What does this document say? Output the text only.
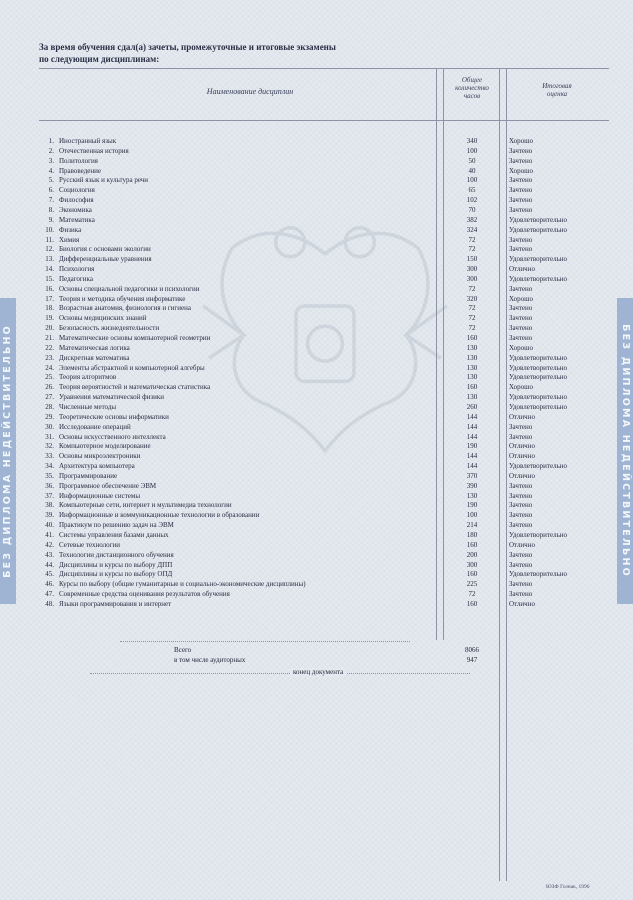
БЕЗ ДИПЛОМА НЕДЕЙСТВИТЕЛЬНО	БЕЗ ДИПЛОМА НЕДЕЙСТВИТЕЛЬНО
За время обучения сдал(а) зачеты, промежуточные и итоговые экзамены
по следующим дисциплинам:
Наименование дисциплин
Общее
количество
часов
Итоговая
оценка
1. Иностранный язык	340	Хорошо
2. Отечественная история	100	Зачтено
3. Политология	50	Зачтено
4. Правоведение	40	Хорошо
5. Русский язык и культура речи	100	Зачтено
6. Социология	65	Зачтено
7. Философия	102	Зачтено
8. Экономика	70	Зачтено
9. Математика	382	Удовлетворительно
10. Физика	324	Удовлетворительно
11. Химия	72	Зачтено
12. Биология с основами экологии	72	Зачтено
13. Дифференциальные уравнения	150	Удовлетворительно
14. Психология	300	Отлично
15. Педагогика	300	Удовлетворительно
16. Основы специальной педагогики и психологии	72	Зачтено
17. Теория и методика обучения информатике	320	Хорошо
18. Возрастная анатомия, физиология и гигиена	72	Зачтено
19. Основы медицинских знаний	72	Зачтено
20. Безопасность жизнедеятельности	72	Зачтено
21. Математические основы компьютерной геометрии	160	Зачтено
22. Математическая логика	130	Хорошо
23. Дискретная математика	130	Удовлетворительно
24. Элементы абстрактной и компьютерной алгебры	130	Удовлетворительно
25. Теория алгоритмов	130	Удовлетворительно
26. Теория вероятностей и математическая статистика	160	Хорошо
27. Уравнения математической физики	130	Удовлетворительно
28. Численные методы	260	Удовлетворительно
29. Теоретические основы информатики	144	Отлично
30. Исследование операций	144	Зачтено
31. Основы искусственного интеллекта	144	Зачтено
32. Компьютерное моделирование	190	Отлично
33. Основы микроэлектроники	144	Отлично
34. Архитектура компьютера	144	Удовлетворительно
35. Программирование	370	Отлично
36. Программное обеспечение ЭВМ	390	Зачтено
37. Информационные системы	130	Зачтено
38. Компьютерные сети, интернет и мультимедиа технологии	190	Зачтено
39. Информационные и коммуникационные технологии в образовании	100	Зачтено
40. Практикум по решению задач на ЭВМ	214	Зачтено
41. Системы управления базами данных	180	Удовлетворительно
42. Сетевые технологии	160	Отлично
43. Технологии дистанционного обучения	200	Зачтено
44. Дисциплины и курсы по выбору ДПП	300	Зачтено
45. Дисциплины и курсы по выбору ОПД	160	Удовлетворительно
46. Курсы по выбору (общие гуманитарные и социально-экономические дисциплины)	225	Зачтено
47. Современные средства оценивания результатов обучения	72	Зачтено
48. Языки программирования и интернет	160	Отлично
Всего	8066
в том числе аудиторных	947
конец документа
ЮЗФ Гознак, 1996
